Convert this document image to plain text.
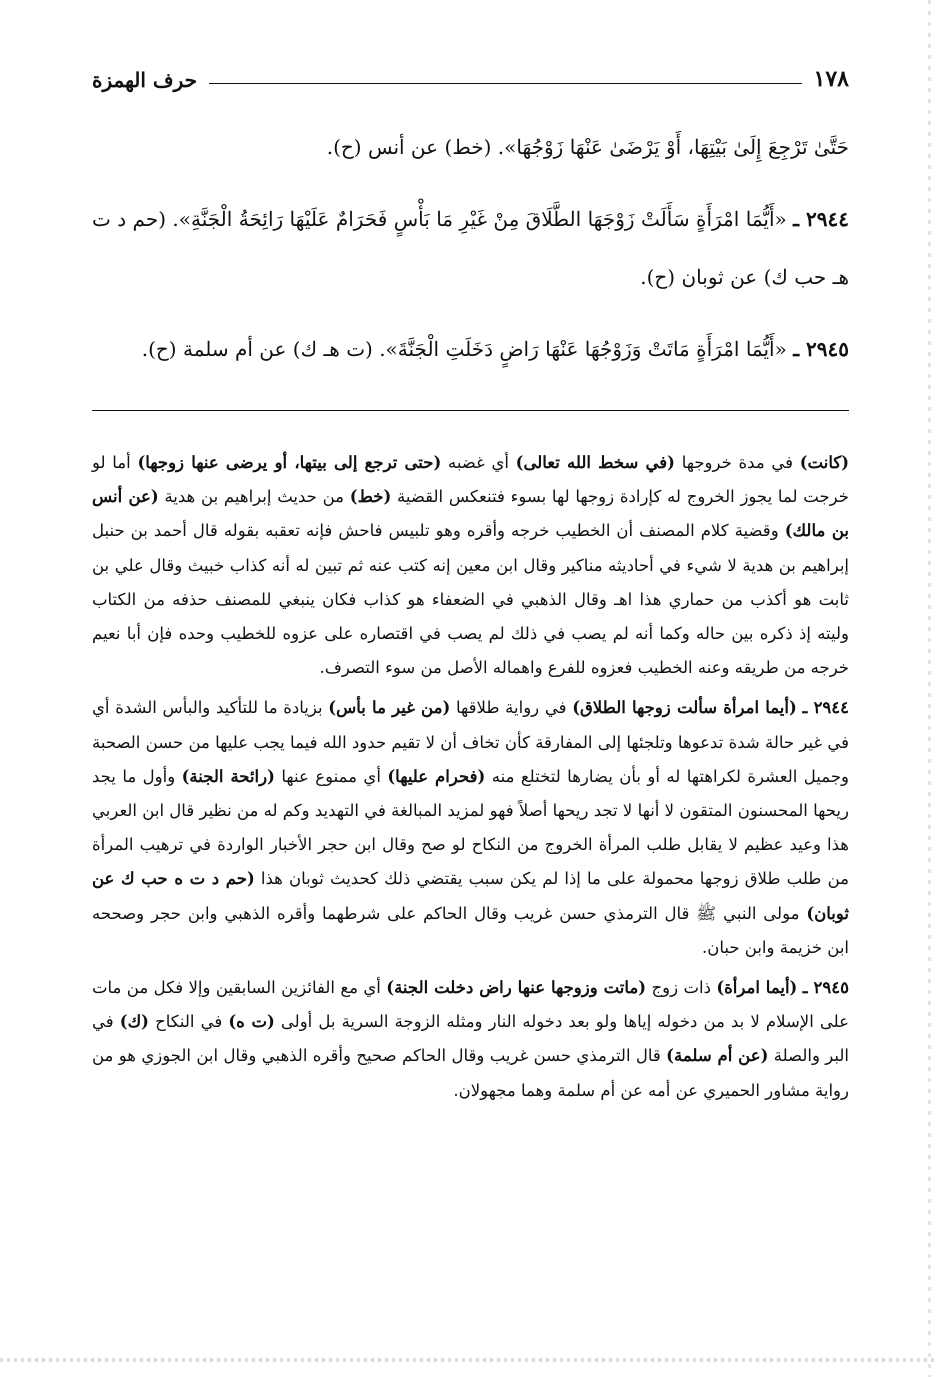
١٧٨
حرف الهمزة

حَتَّىٰ تَرْجِعَ إِلَىٰ بَيْتِهَا، أَوْ يَرْضَىٰ عَنْهَا زَوْجُهَا». (خط) عن أنس (ح).

٢٩٤٤ ـ «أَيُّمَا امْرَأَةٍ سَأَلَتْ زَوْجَهَا الطَّلَاقَ مِنْ غَيْرِ مَا بَأْسٍ فَحَرَامٌ عَلَيْهَا رَائِحَةُ الْجَنَّةِ». (حم د ت هـ حب ك) عن ثوبان (ح).

٢٩٤٥ ـ «أَيُّمَا امْرَأَةٍ مَاتَتْ وَزَوْجُهَا عَنْهَا رَاضٍ دَخَلَتِ الْجَنَّةَ». (ت هـ ك) عن أم سلمة (ح).

(كانت) في مدة خروجها (في سخط الله تعالى) أي غضبه (حتى ترجع إلى بيتها، أو يرضى عنها زوجها) أما لو خرجت لما يجوز الخروج له كإرادة زوجها لها بسوء فتنعكس القضية (خط) من حديث إبراهيم بن هدية (عن أنس بن مالك) وقضية كلام المصنف أن الخطيب خرجه وأقره وهو تلبيس فاحش فإنه تعقبه بقوله قال أحمد بن حنبل إبراهيم بن هدية لا شيء في أحاديثه مناكير وقال ابن معين إنه كتب عنه ثم تبين له أنه كذاب خبيث وقال علي بن ثابت هو أكذب من حماري هذا اهـ وقال الذهبي في الضعفاء هو كذاب فكان ينبغي للمصنف حذفه من الكتاب وليته إذ ذكره بين حاله وكما أنه لم يصب في ذلك لم يصب في اقتصاره على عزوه للخطيب وحده فإن أبا نعيم خرجه من طريقه وعنه الخطيب فعزوه للفرع واهماله الأصل من سوء التصرف.

٢٩٤٤ ـ (أيما امرأة سألت زوجها الطلاق) في رواية طلاقها (من غير ما بأس) بزيادة ما للتأكيد والبأس الشدة أي في غير حالة شدة تدعوها وتلجئها إلى المفارقة كأن تخاف أن لا تقيم حدود الله فيما يجب عليها من حسن الصحبة وجميل العشرة لكراهتها له أو بأن يضارها لتختلع منه (فحرام عليها) أي ممنوع عنها (رائحة الجنة) وأول ما يجد ريحها المحسنون المتقون لا أنها لا تجد ريحها أصلاً فهو لمزيد المبالغة في التهديد وكم له من نظير قال ابن العربي هذا وعيد عظيم لا يقابل طلب المرأة الخروج من النكاح لو صح وقال ابن حجر الأخبار الواردة في ترهيب المرأة من طلب طلاق زوجها محمولة على ما إذا لم يكن سبب يقتضي ذلك كحديث ثوبان هذا (حم د ت ه حب ك عن ثوبان) مولى النبي ﷺ قال الترمذي حسن غريب وقال الحاكم على شرطهما وأقره الذهبي وابن حجر وصححه ابن خزيمة وابن حبان.

٢٩٤٥ ـ (أيما امرأة) ذات زوج (ماتت وزوجها عنها راض دخلت الجنة) أي مع الفائزين السابقين وإلا فكل من مات على الإسلام لا بد من دخوله إياها ولو بعد دخوله النار ومثله الزوجة السرية بل أولى (ت ه) في النكاح (ك) في البر والصلة (عن أم سلمة) قال الترمذي حسن غريب وقال الحاكم صحيح وأقره الذهبي وقال ابن الجوزي هو من رواية مشاور الحميري عن أمه عن أم سلمة وهما مجهولان.
